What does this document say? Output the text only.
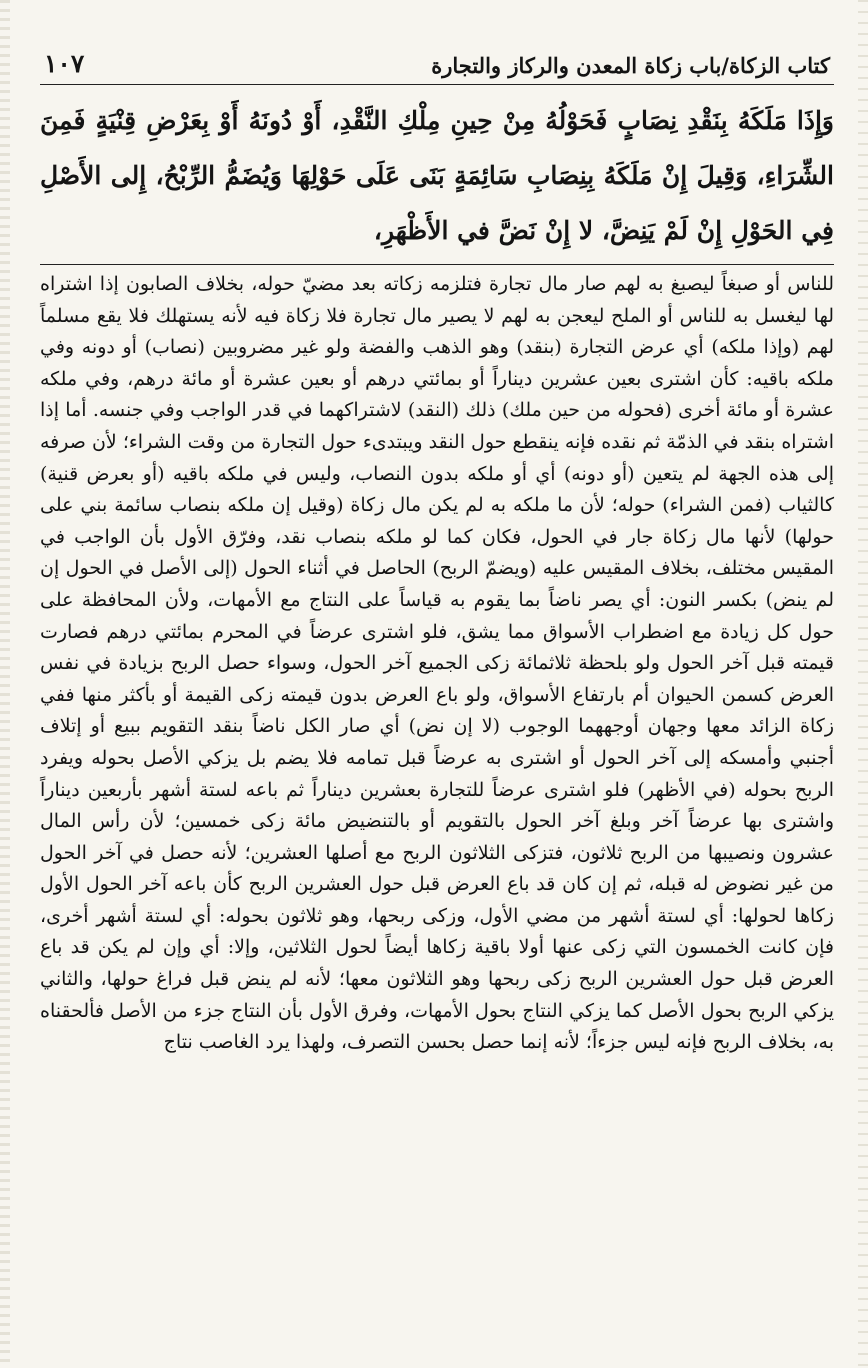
كتاب الزكاة/باب زكاة المعدن والركاز والتجارة
١٠٧
وَإِذَا مَلَكَهُ بِنَقْدِ نِصَابٍ فَحَوْلُهُ مِنْ حِينِ مِلْكِ النَّقْدِ، أَوْ دُونَهُ أَوْ بِعَرْضِ قِنْيَةٍ فَمِنَ الشِّرَاءِ، وَقِيلَ إِنْ مَلَكَهُ بِنِصَابِ سَائِمَةٍ بَنَى عَلَى حَوْلِهَا وَيُضَمُّ الرِّبْحُ، إِلى الأَصْلِ فِي الحَوْلِ إِنْ لَمْ يَنِضَّ، لا إِنْ نَضَّ في الأَظْهَرِ،

للناس أو صبغاً ليصبغ به لهم صار مال تجارة فتلزمه زكاته بعد مضيّ حوله، بخلاف الصابون إذا اشتراه لها ليغسل به للناس أو الملح ليعجن به لهم لا يصير مال تجارة فلا زكاة فيه لأنه يستهلك فلا يقع مسلماً لهم (وإذا ملكه) أي عرض التجارة (بنقد) وهو الذهب والفضة ولو غير مضروبين (نصاب) أو دونه وفي ملكه باقيه: كأن اشترى بعين عشرين ديناراً أو بمائتي درهم أو بعين عشرة أو مائة درهم، وفي ملكه عشرة أو مائة أخرى (فحوله من حين ملك) ذلك (النقد) لاشتراكهما في قدر الواجب وفي جنسه. أما إذا اشتراه بنقد في الذمّة ثم نقده فإنه ينقطع حول النقد ويبتدىء حول التجارة من وقت الشراء؛ لأن صرفه إلى هذه الجهة لم يتعين (أو دونه) أي أو ملكه بدون النصاب، وليس في ملكه باقيه (أو بعرض قنية) كالثياب (فمن الشراء) حوله؛ لأن ما ملكه به لم يكن مال زكاة (وقيل إن ملكه بنصاب سائمة بني على حولها) لأنها مال زكاة جار في الحول، فكان كما لو ملكه بنصاب نقد، وفرّق الأول بأن الواجب في المقيس مختلف، بخلاف المقيس عليه (ويضمّ الربح) الحاصل في أثناء الحول (إلى الأصل في الحول إن لم ينض) بكسر النون: أي يصر ناضاً بما يقوم به قياساً على النتاج مع الأمهات، ولأن المحافظة على حول كل زيادة مع اضطراب الأسواق مما يشق، فلو اشترى عرضاً في المحرم بمائتي درهم فصارت قيمته قبل آخر الحول ولو بلحظة ثلاثمائة زكى الجميع آخر الحول، وسواء حصل الربح بزيادة في نفس العرض كسمن الحيوان أم بارتفاع الأسواق، ولو باع العرض بدون قيمته زكى القيمة أو بأكثر منها ففي زكاة الزائد معها وجهان أوجههما الوجوب (لا إن نض) أي صار الكل ناضاً بنقد التقويم ببيع أو إتلاف أجنبي وأمسكه إلى آخر الحول أو اشترى به عرضاً قبل تمامه فلا يضم بل يزكي الأصل بحوله ويفرد الربح بحوله (في الأظهر) فلو اشترى عرضاً للتجارة بعشرين ديناراً ثم باعه لستة أشهر بأربعين ديناراً واشترى بها عرضاً آخر وبلغ آخر الحول بالتقويم أو بالتنضيض مائة زكى خمسين؛ لأن رأس المال عشرون ونصيبها من الربح ثلاثون، فتزكى الثلاثون الربح مع أصلها العشرين؛ لأنه حصل في آخر الحول من غير نضوض له قبله، ثم إن كان قد باع العرض قبل حول العشرين الربح كأن باعه آخر الحول الأول زكاها لحولها: أي لستة أشهر من مضي الأول، وزكى ربحها، وهو ثلاثون بحوله: أي لستة أشهر أخرى، فإن كانت الخمسون التي زكى عنها أولا باقية زكاها أيضاً لحول الثلاثين، وإلا: أي وإن لم يكن قد باع العرض قبل حول العشرين الربح زكى ربحها وهو الثلاثون معها؛ لأنه لم ينض قبل فراغ حولها، والثاني يزكي الربح بحول الأصل كما يزكي النتاج بحول الأمهات، وفرق الأول بأن النتاج جزء من الأصل فألحقناه به، بخلاف الربح فإنه ليس جزءاً؛ لأنه إنما حصل بحسن التصرف، ولهذا يرد الغاصب نتاج
